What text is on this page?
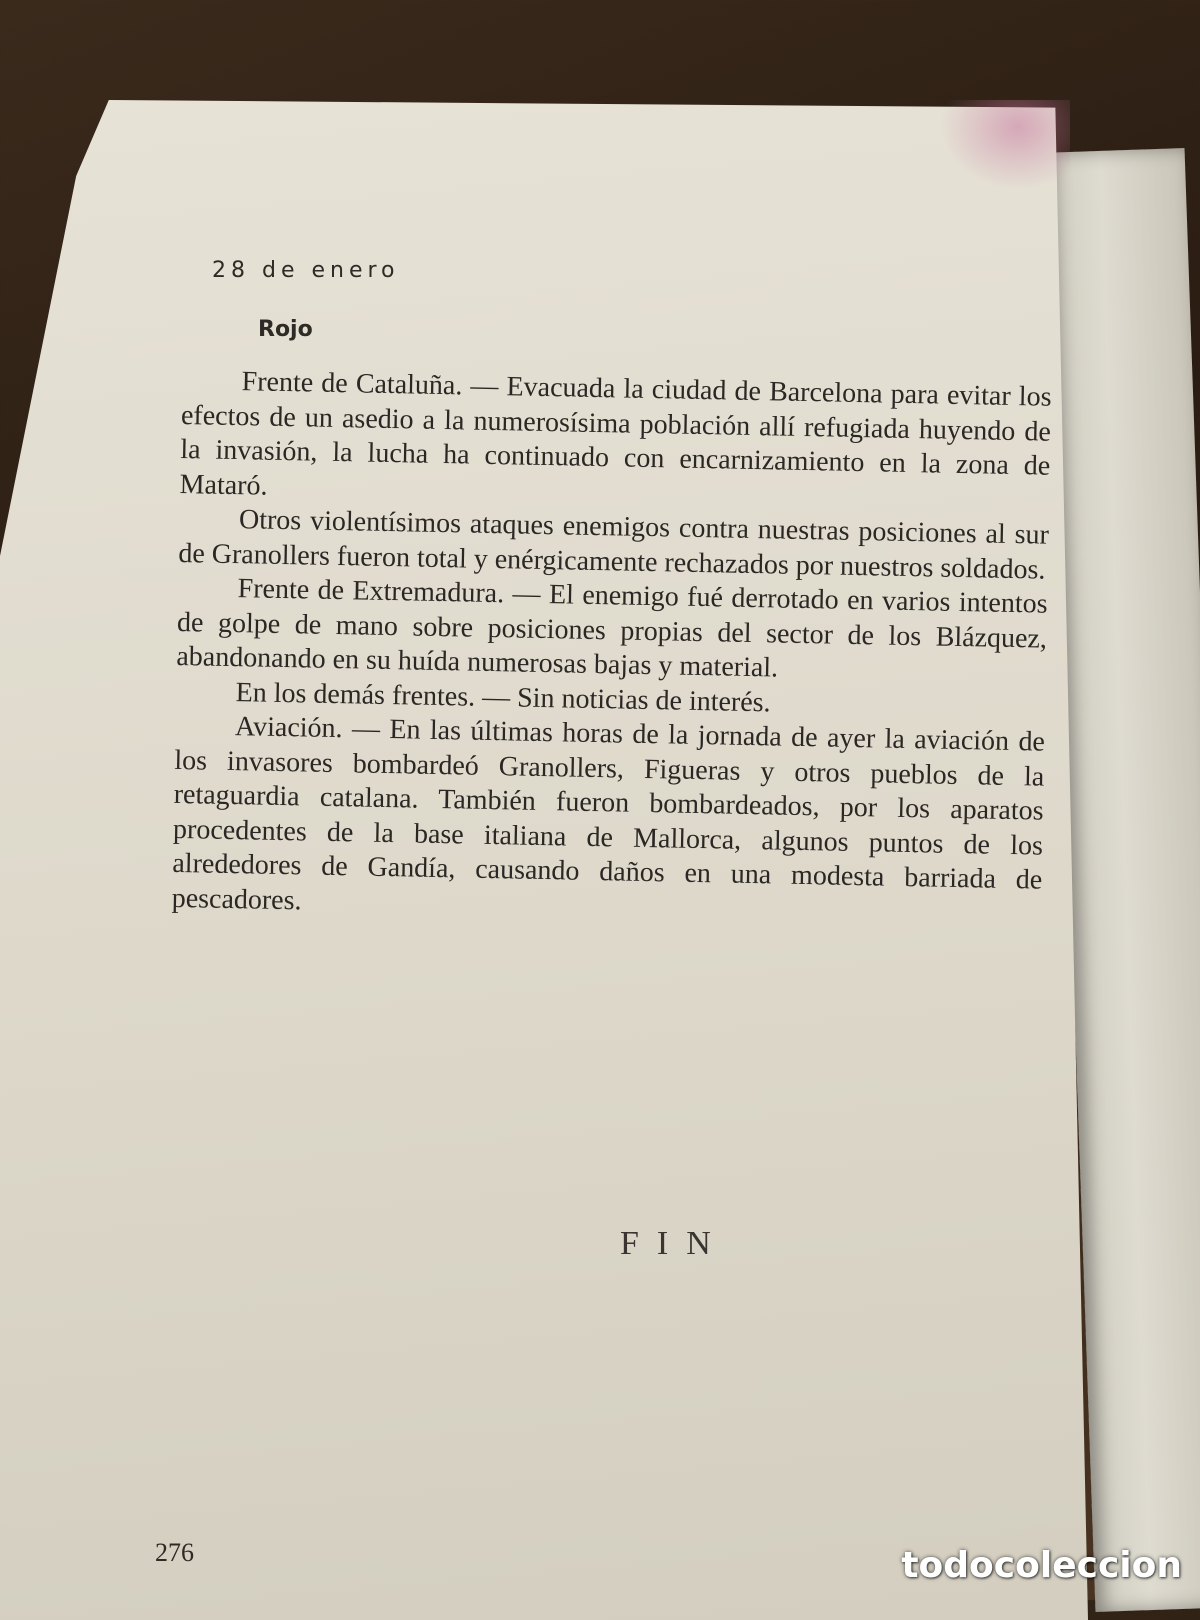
28 de enero
Rojo

Frente de Cataluña. — Evacuada la ciudad de Barcelona para evitar los efectos de un asedio a la numerosísima población allí refugiada huyendo de la invasión, la lucha ha continuado con encarnizamiento en la zona de Mataró.

Otros violentísimos ataques enemigos contra nuestras posiciones al sur de Granollers fueron total y enérgicamente rechazados por nuestros soldados.

Frente de Extremadura. — El enemigo fué derrotado en varios intentos de golpe de mano sobre posiciones propias del sector de los Blázquez, abandonando en su huída numerosas bajas y material.

En los demás frentes. — Sin noticias de interés.

Aviación. — En las últimas horas de la jornada de ayer la aviación de los invasores bombardeó Granollers, Figueras y otros pueblos de la retaguardia catalana. También fueron bombardeados, por los aparatos procedentes de la base italiana de Mallorca, algunos puntos de los alrededores de Gandía, causando daños en una modesta barriada de pescadores.

FIN
276	todocoleccion
